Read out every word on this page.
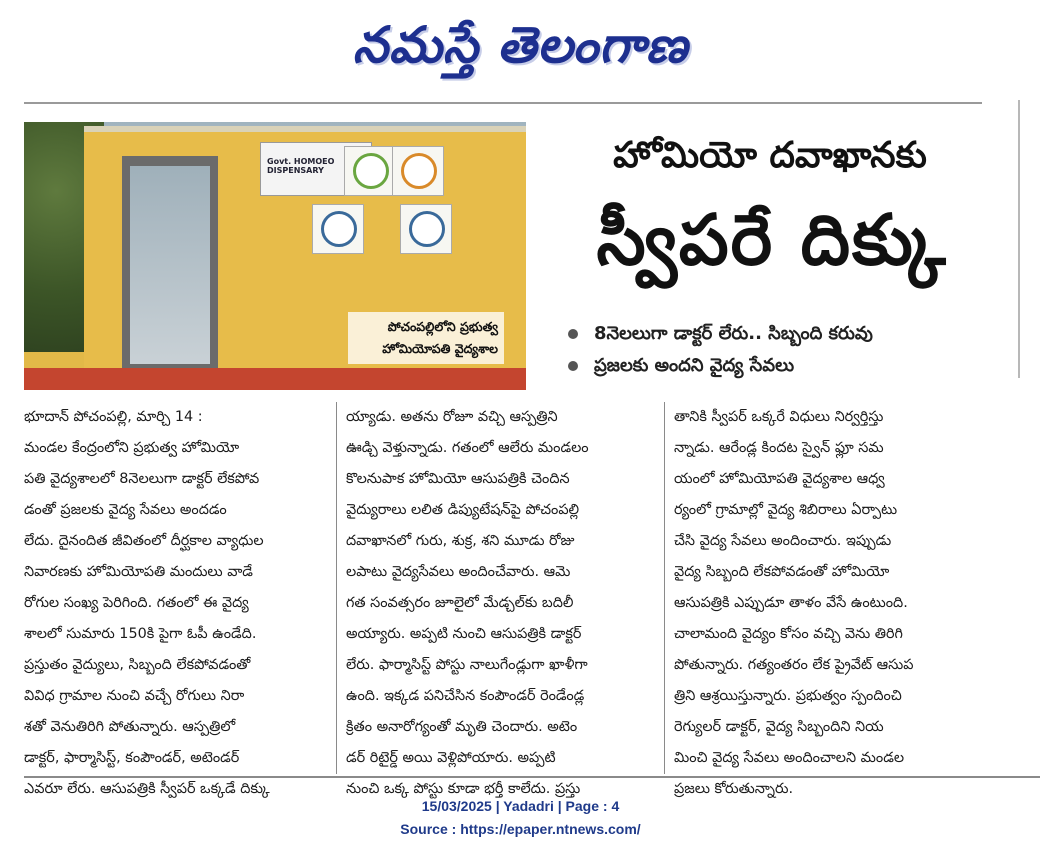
నమస్తే తెలంగాణ
Govt. HOMOEO DISPENSARY
పోచంపల్లిలోని ప్రభుత్వ
హోమియోపతి వైద్యశాల
హోమియో దవాఖానకు
స్వీపరే దిక్కు
8నెలలుగా డాక్టర్ లేరు.. సిబ్బంది కరువు
ప్రజలకు అందని వైద్య సేవలు

భూదాన్ పోచంపల్లి, మార్చి 14 :

మండల కేంద్రంలోని ప్రభుత్వ హోమియో

పతి వైద్యశాలలో 8నెలలుగా డాక్టర్ లేకపోవ

డంతో ప్రజలకు వైద్య సేవలు అందడం

లేదు. దైనందిత జీవితంలో దీర్ఘకాల వ్యాధుల

నివారణకు హోమియోపతి మందులు వాడే

రోగుల సంఖ్య పెరిగింది. గతంలో ఈ వైద్య

శాలలో సుమారు 150కి పైగా ఓపీ ఉండేది.

ప్రస్తుతం వైద్యులు, సిబ్బంది లేకపోవడంతో

వివిధ గ్రామాల నుంచి వచ్చే రోగులు నిరా

శతో వెనుతిరిగి పోతున్నారు. ఆస్పత్రిలో

డాక్టర్, ఫార్మాసిస్ట్, కంపౌండర్, అటెండర్

ఎవరూ లేరు. ఆసుపత్రికి స్వీపర్ ఒక్కడే దిక్కు

య్యాడు. అతను రోజూ వచ్చి ఆస్పత్రిని

ఊడ్చి వెళ్తున్నాడు. గతంలో ఆలేరు మండలం

కొలనుపాక హోమియో ఆసుపత్రికి చెందిన

వైద్యురాలు లలిత డిప్యుటేషన్‌పై పోచంపల్లి

దవాఖానలో గురు, శుక్ర, శని మూడు రోజు

లపాటు వైద్యసేవలు అందించేవారు. ఆమె

గత సంవత్సరం జూలైలో మేడ్చల్‌కు బదిలీ

అయ్యారు. అప్పటి నుంచి ఆసుపత్రికి డాక్టర్

లేరు. ఫార్మాసిస్ట్ పోస్టు నాలుగేండ్లుగా ఖాళీగా

ఉంది. ఇక్కడ పనిచేసిన కంపౌండర్ రెండేండ్ల

క్రితం అనారోగ్యంతో మృతి చెందారు. అటెం

డర్ రిటైర్డ్ అయి వెళ్లిపోయారు. అప్పటి

నుంచి ఒక్క పోస్టు కూడా భర్తీ కాలేదు. ప్రస్తు

తానికి స్వీపర్ ఒక్కరే విధులు నిర్వర్తిస్తు

న్నాడు. ఆరేండ్ల కిందట స్వైన్ ఫ్లూ సమ

యంలో హోమియోపతి వైద్యశాల ఆధ్వ

ర్యంలో గ్రామాల్లో వైద్య శిబిరాలు ఏర్పాటు

చేసి వైద్య సేవలు అందించారు. ఇప్పుడు

వైద్య సిబ్బంది లేకపోవడంతో హోమియో

ఆసుపత్రికి ఎప్పుడూ తాళం వేసే ఉంటుంది.

చాలామంది వైద్యం కోసం వచ్చి వెను తిరిగి

పోతున్నారు. గత్యంతరం లేక ప్రైవేట్ ఆసుప

త్రిని ఆశ్రయిస్తున్నారు. ప్రభుత్వం స్పందించి

రెగ్యులర్ డాక్టర్, వైద్య సిబ్బందిని నియ

మించి వైద్య సేవలు అందించాలని మండల

ప్రజలు కోరుతున్నారు.

15/03/2025 | Yadadri | Page : 4
Source : https://epaper.ntnews.com/
